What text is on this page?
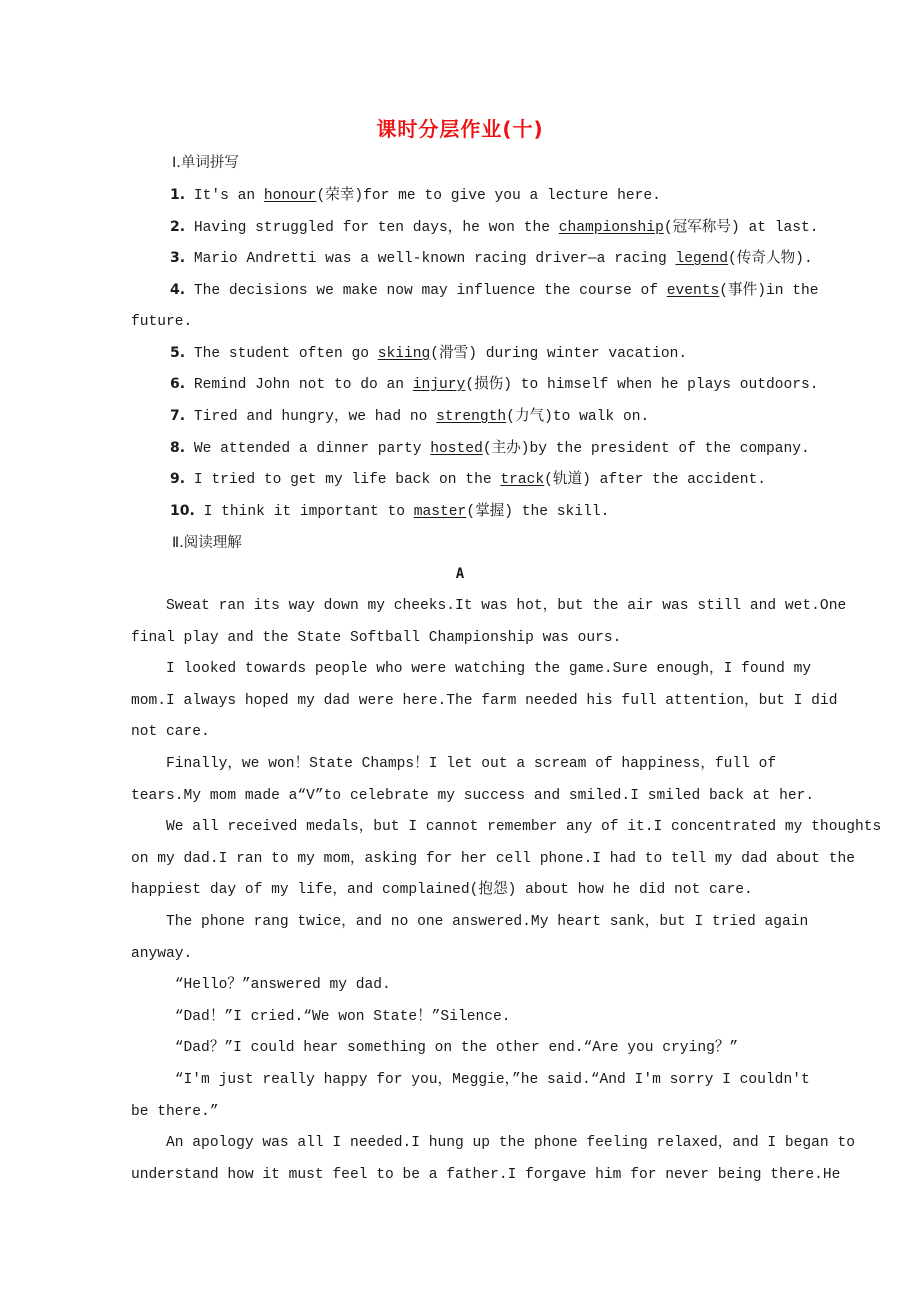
课时分层作业(十)
Ⅰ.单词拼写
1. It's an honour(荣幸)for me to give you a lecture here.
2. Having struggled for ten days，he won the championship(冠军称号) at last.
3. Mario Andretti was a well-known racing driver—a racing legend(传奇人物).
4. The decisions we make now may influence the course of events(事件)in the
future.
5. The student often go skiing(滑雪) during winter vacation.
6. Remind John not to do an injury(损伤) to himself when he plays outdoors.
7. Tired and hungry，we had no strength(力气)to walk on.
8. We attended a dinner party hosted(主办)by the president of the company.
9. I tried to get my life back on the track(轨道) after the accident.
10. I think it important to master(掌握) the skill.
Ⅱ.阅读理解
A
Sweat ran its way down my cheeks.It was hot，but the air was still and wet.One
final play and the State Softball Championship was ours.
I looked towards people who were watching the game.Sure enough，I found my
mom.I always hoped my dad were here.The farm needed his full attention，but I did
not care.
Finally，we won！State Champs！I let out a scream of happiness，full of
tears.My mom made a“V”to celebrate my success and smiled.I smiled back at her.
We all received medals，but I cannot remember any of it.I concentrated my thoughts
on my dad.I ran to my mom，asking for her cell phone.I had to tell my dad about the
happiest day of my life，and complained(抱怨) about how he did not care.
The phone rang twice，and no one answered.My heart sank，but I tried again
anyway.
“Hello？”answered my dad.
“Dad！”I cried.“We won State！”Silence.
“Dad？”I could hear something on the other end.“Are you crying？”
“I'm just really happy for you，Meggie，”he said.“And I'm sorry I couldn't
be there.”
An apology was all I needed.I hung up the phone feeling relaxed，and I began to
understand how it must feel to be a father.I forgave him for never being there.He
